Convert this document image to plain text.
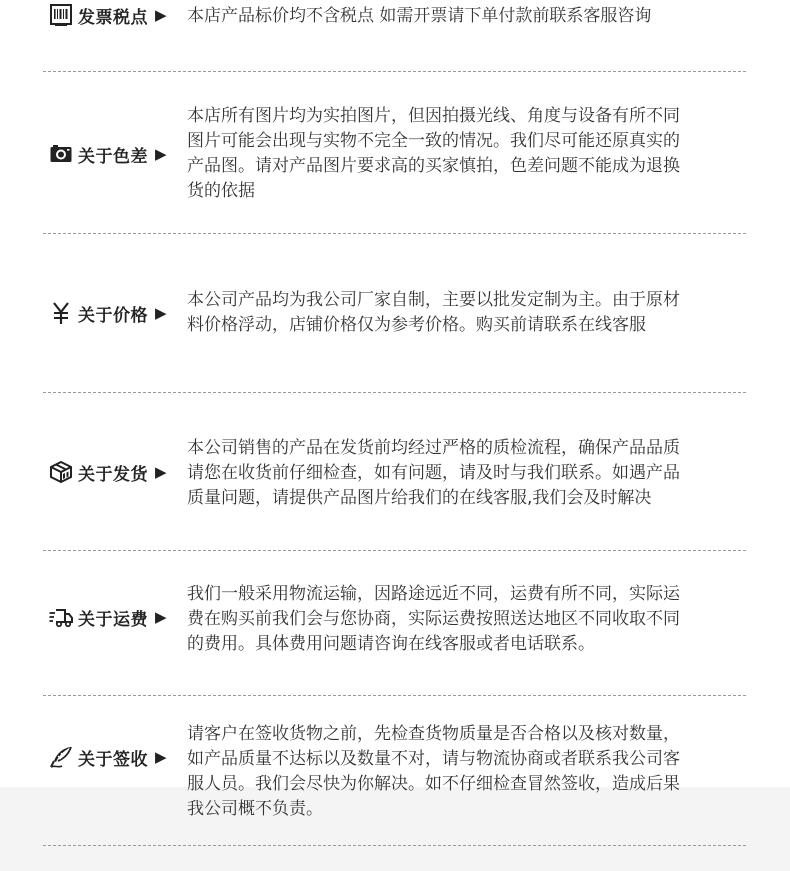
发票税点 ▶ 本店产品标价均不含税点 如需开票请下单付款前联系客服咨询
关于色差 ▶
本店所有图片均为实拍图片，但因拍摄光线、角度与设备有所不同
图片可能会出现与实物不完全一致的情况。我们尽可能还原真实的
产品图。请对产品图片要求高的买家慎拍，色差问题不能成为退换
货的依据
关于价格 ▶
本公司产品均为我公司厂家自制，主要以批发定制为主。由于原材
料价格浮动，店铺价格仅为参考价格。购买前请联系在线客服
关于发货 ▶
本公司销售的产品在发货前均经过严格的质检流程，确保产品品质
请您在收货前仔细检查，如有问题，请及时与我们联系。如遇产品
质量问题，请提供产品图片给我们的在线客服,我们会及时解决
关于运费 ▶
我们一般采用物流运输，因路途远近不同，运费有所不同，实际运
费在购买前我们会与您协商，实际运费按照送达地区不同收取不同
的费用。具体费用问题请咨询在线客服或者电话联系。
关于签收 ▶
请客户在签收货物之前，先检查货物质量是否合格以及核对数量，
如产品质量不达标以及数量不对，请与物流协商或者联系我公司客
服人员。我们会尽快为你解决。如不仔细检查冒然签收，造成后果
我公司概不负责。
